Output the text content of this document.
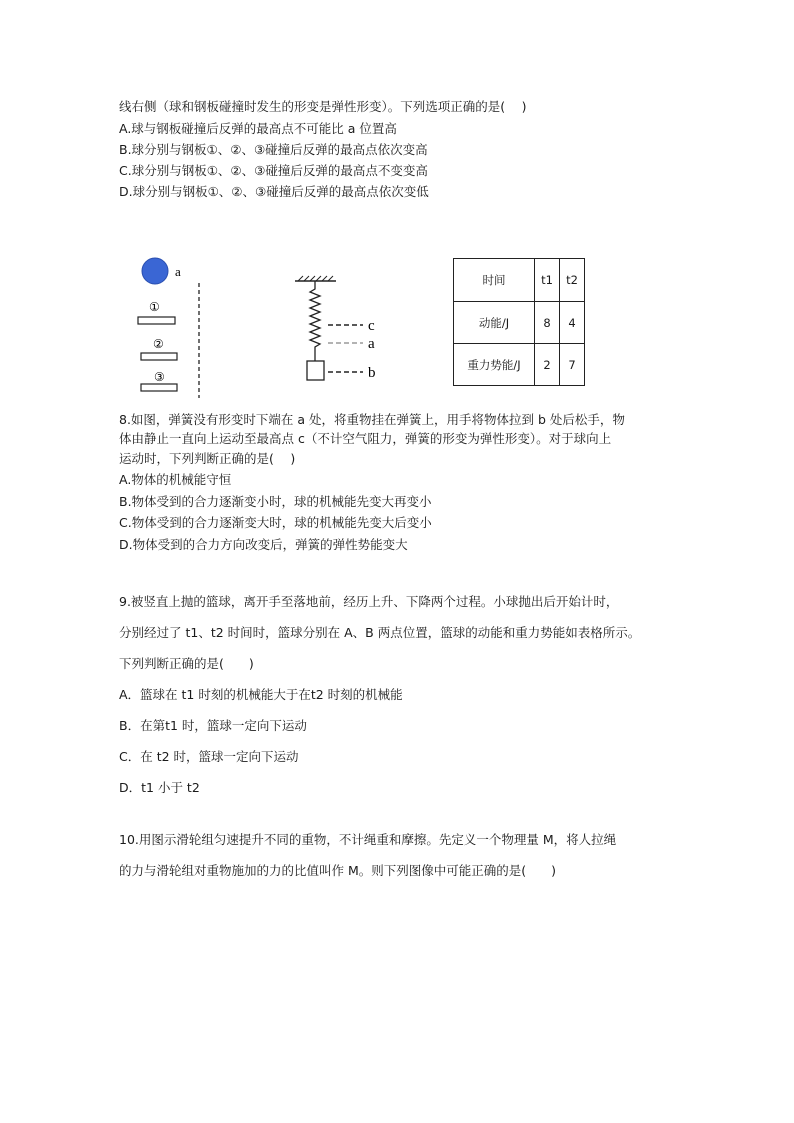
线右侧（球和钢板碰撞时发生的形变是弹性形变）。下列选项正确的是(　 )
A.球与钢板碰撞后反弹的最高点不可能比 a 位置高
B.球分别与钢板①、②、③碰撞后反弹的最高点依次变高
C.球分别与钢板①、②、③碰撞后反弹的最高点不变变高
D.球分别与钢板①、②、③碰撞后反弹的最高点依次变低
a
①
②
③
c
a
b
时间	t1	t2
动能/J	8	4
重力势能/J	2	7
8.如图，弹簧没有形变时下端在 a 处，将重物挂在弹簧上，用手将物体拉到 b 处后松手，物
体由静止一直向上运动至最高点 c（不计空气阻力，弹簧的形变为弹性形变）。对于球向上
运动时，下列判断正确的是(　 )
A.物体的机械能守恒
B.物体受到的合力逐渐变小时，球的机械能先变大再变小
C.物体受到的合力逐渐变大时，球的机械能先变大后变小
D.物体受到的合力方向改变后，弹簧的弹性势能变大
9.被竖直上抛的篮球，离开手至落地前，经历上升、下降两个过程。小球抛出后开始计时，
分别经过了 t1、t2 时间时，篮球分别在 A、B 两点位置，篮球的动能和重力势能如表格所示。
下列判断正确的是(　　)
A．篮球在 t1 时刻的机械能大于在t2 时刻的机械能
B．在第t1 时，篮球一定向下运动
C．在 t2 时，篮球一定向下运动
D．t1 小于 t2
10.用图示滑轮组匀速提升不同的重物，不计绳重和摩擦。先定义一个物理量 M，将人拉绳
的力与滑轮组对重物施加的力的比值叫作 M。则下列图像中可能正确的是(　　)
